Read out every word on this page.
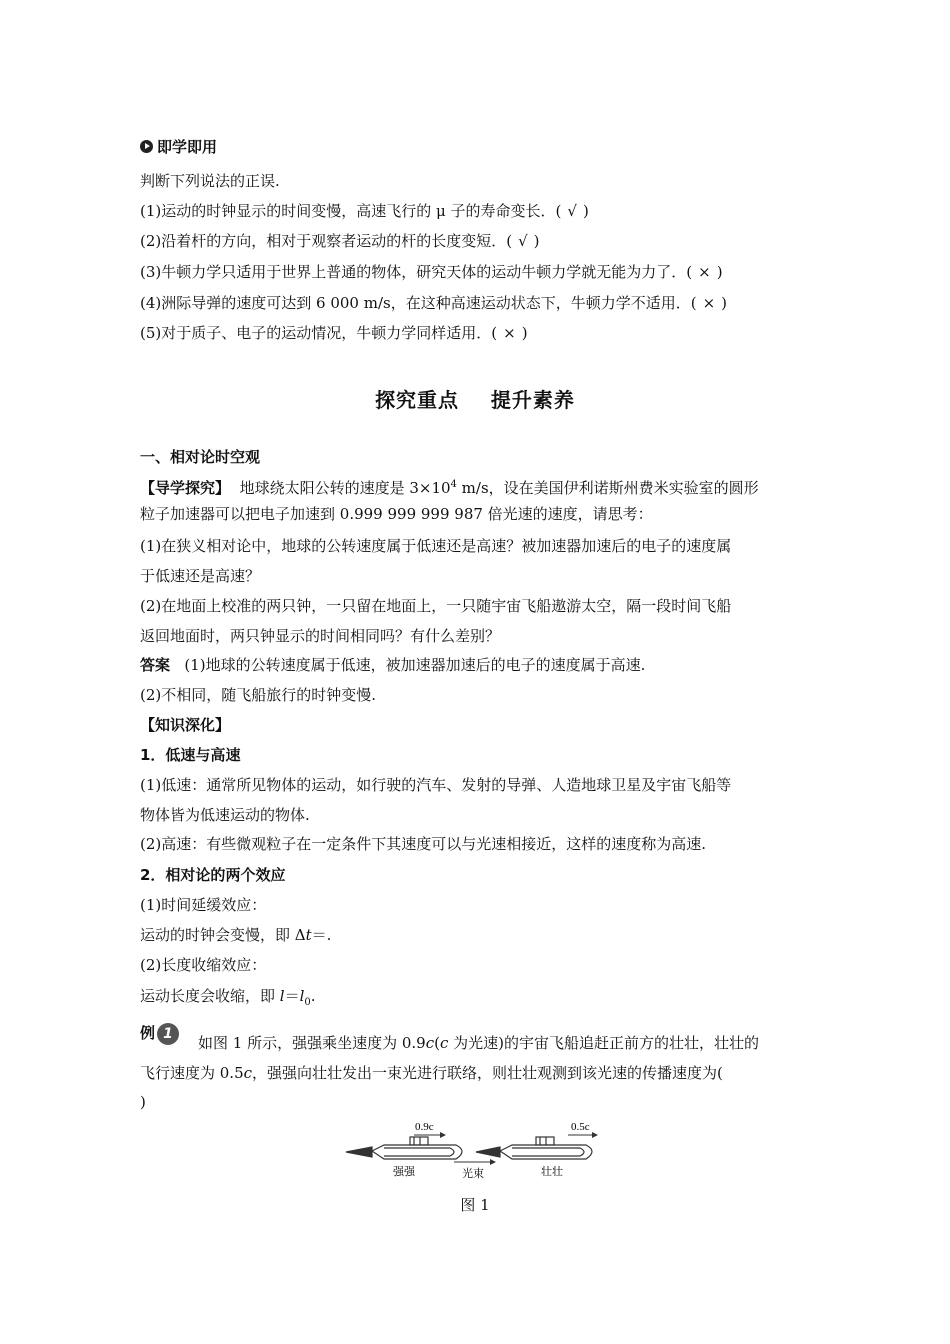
即学即用
判断下列说法的正误.
(1)运动的时钟显示的时间变慢，高速飞行的 μ 子的寿命变长．( √ )
(2)沿着杆的方向，相对于观察者运动的杆的长度变短．( √ )
(3)牛顿力学只适用于世界上普通的物体，研究天体的运动牛顿力学就无能为力了．( × )
(4)洲际导弹的速度可达到 6 000 m/s，在这种高速运动状态下，牛顿力学不适用．( × )
(5)对于质子、电子的运动情况，牛顿力学同样适用．( × )
探究重点    提升素养
一、相对论时空观
【导学探究】 地球绕太阳公转的速度是 $3\times 10^4$ m/s，设在美国伊利诺斯州费米实验室的圆形
粒子加速器可以把电子加速到 0.999 999 999 987 倍光速的速度，请思考：
(1)在狭义相对论中，地球的公转速度属于低速还是高速？被加速器加速后的电子的速度属
于低速还是高速？
(2)在地面上校准的两只钟，一只留在地面上，一只随宇宙飞船遨游太空，隔一段时间飞船
返回地面时，两只钟显示的时间相同吗？有什么差别？
答案 (1)地球的公转速度属于低速，被加速器加速后的电子的速度属于高速.
(2)不相同，随飞船旅行的时钟变慢.
【知识深化】
1．低速与高速
(1)低速：通常所见物体的运动，如行驶的汽车、发射的导弹、人造地球卫星及宇宙飞船等
物体皆为低速运动的物体.
(2)高速：有些微观粒子在一定条件下其速度可以与光速相接近，这样的速度称为高速.
2．相对论的两个效应
(1)时间延缓效应：
运动的时钟会变慢，即 Δt＝.
(2)长度收缩效应：
运动长度会收缩，即 $l=l_0$.
例 1	如图 1 所示，强强乘坐速度为 0.9c(c 为光速)的宇宙飞船追赶正前方的壮壮，壮壮的
飞行速度为 0.5c，强强向壮壮发出一束光进行联络，则壮壮观测到该光速的传播速度为(
)
0.9c
强强	光束
0.5c
壮壮
图 1
